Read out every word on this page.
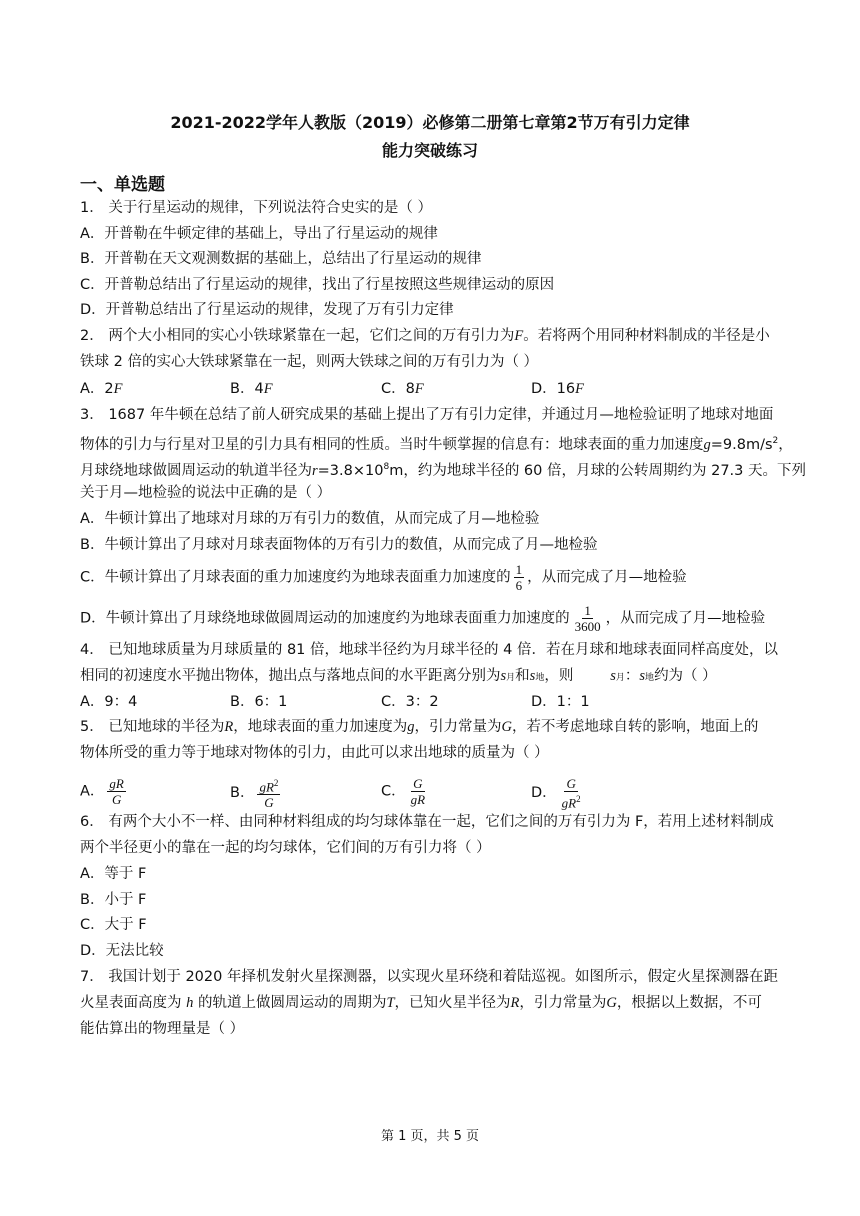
2021-2022学年人教版（2019）必修第二册第七章第2节万有引力定律
能力突破练习
一、单选题
1． 关于行星运动的规律，下列说法符合史实的是（ ）
A．开普勒在牛顿定律的基础上，导出了行星运动的规律
B．开普勒在天文观测数据的基础上，总结出了行星运动的规律
C．开普勒总结出了行星运动的规律，找出了行星按照这些规律运动的原因
D．开普勒总结出了行星运动的规律，发现了万有引力定律
2． 两个大小相同的实心小铁球紧靠在一起，它们之间的万有引力为F。若将两个用同种材料制成的半径是小
铁球 2 倍的实心大铁球紧靠在一起，则两大铁球之间的万有引力为（ ）
A．2F	B．4F	C．8F	D．16F
3． 1687 年牛顿在总结了前人研究成果的基础上提出了万有引力定律，并通过月—地检验证明了地球对地面
物体的引力与行星对卫星的引力具有相同的性质。当时牛顿掌握的信息有：地球表面的重力加速度$g=9.8m/s^2$，
月球绕地球做圆周运动的轨道半径为$r=3.8\times 10^8m$，约为地球半径的 60 倍，月球的公转周期约为 27.3 天。下列
关于月—地检验的说法中正确的是（ ）
A．牛顿计算出了地球对月球的万有引力的数值，从而完成了月—地检验
B．牛顿计算出了月球对月球表面物体的万有引力的数值，从而完成了月—地检验
C．牛顿计算出了月球表面的重力加速度约为地球表面重力加速度的 $\frac{1}{6}$ ，从而完成了月—地检验
D．牛顿计算出了月球绕地球做圆周运动的加速度约为地球表面重力加速度的 $\frac{1}{3600}$ ，从而完成了月—地检验
4． 已知地球质量为月球质量的 81 倍，地球半径约为月球半径的 4 倍．若在月球和地球表面同样高度处，以
相同的初速度水平抛出物体，抛出点与落地点间的水平距离分别为s月和s地，则	s月：s地约为（ ）
A．9：4	B．6：1	C．3：2	D．1：1
5． 已知地球的半径为R，地球表面的重力加速度为g，引力常量为G，若不考虑地球自转的影响，地面上的
物体所受的重力等于地球对物体的引力，由此可以求出地球的质量为（ ）
A． $\frac{gR}{G}$	B． $\frac{gR^2}{G}$	C． $\frac{G}{gR}$	D． $\frac{G}{gR^2}$
6． 有两个大小不一样、由同种材料组成的均匀球体靠在一起，它们之间的万有引力为 F，若用上述材料制成
两个半径更小的靠在一起的均匀球体，它们间的万有引力将（ ）
A．等于 F
B．小于 F
C．大于 F
D．无法比较
7． 我国计划于 2020 年择机发射火星探测器，以实现火星环绕和着陆巡视。如图所示，假定火星探测器在距
火星表面高度为 h 的轨道上做圆周运动的周期为T，已知火星半径为R，引力常量为G，根据以上数据，不可
能估算出的物理量是（ ）
第 1 页，共 5 页
